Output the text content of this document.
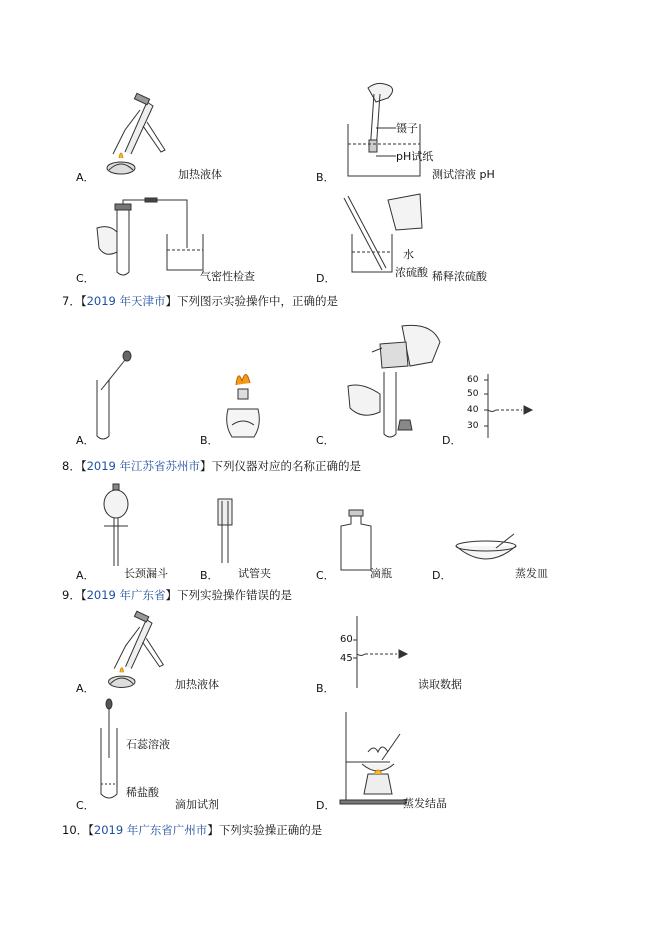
A．	加热液体
镊子
pH试纸
B．	测试溶液 pH
C．	气密性检查
水
浓硫酸
D．	稀释浓硫酸
7．【2019 年天津市】下列图示实验操作中，正确的是
A．	B．	C．
60
50
40
30
D．
8．【2019 年江苏省苏州市】下列仪器对应的名称正确的是
A．	长颈漏斗	B． 试管夹	C．	滴瓶	D．	蒸发皿
9．【2019 年广东省】下列实验操作错误的是
A．	加热液体
60
45
B．	读取数据
石蕊溶液
稀盐酸
C．	滴加试剂	D．	蒸发结晶
10．【2019 年广东省广州市】下列实验操正确的是
